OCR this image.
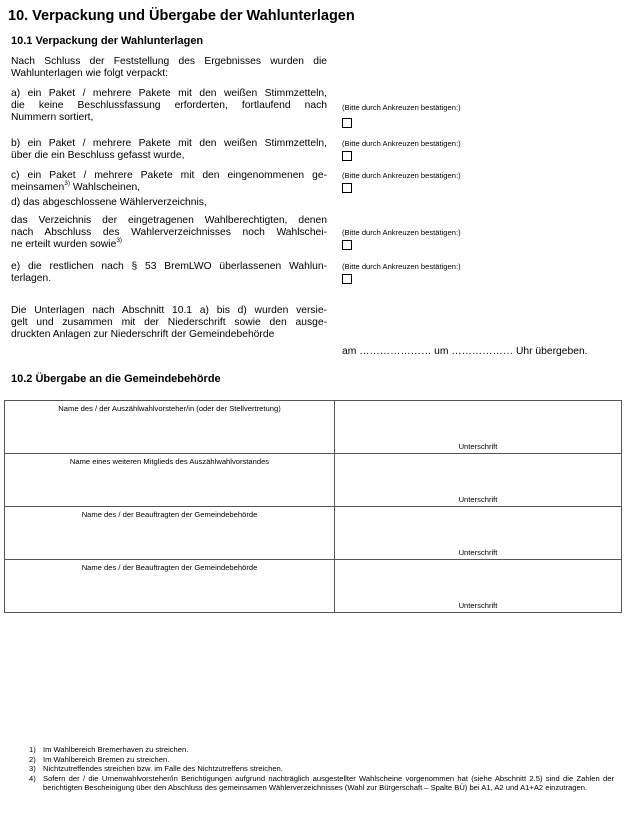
10. Verpackung und Übergabe der Wahlunterlagen
10.1 Verpackung der Wahlunterlagen
Nach Schluss der Feststellung des Ergebnisses wurden die
Wahlunterlagen wie folgt verpackt:
a) ein Paket / mehrere Pakete mit den weißen Stimmzetteln,
die keine Beschlussfassung erforderten, fortlaufend nach
Nummern sortiert,
(Bitte durch Ankreuzen bestätigen:)
b) ein Paket / mehrere Pakete mit den weißen Stimmzetteln,
über die ein Beschluss gefasst wurde,
(Bitte durch Ankreuzen bestätigen:)
c) ein Paket / mehrere Pakete mit den eingenommenen ge-
meinsamen$^{3)}$ Wahlscheinen,
(Bitte durch Ankreuzen bestätigen:)
d) das abgeschlossene Wählerverzeichnis,
das Verzeichnis der eingetragenen Wahlberechtigten, denen
nach Abschluss des Wahlerverzeichnisses noch Wahlschei-
ne erteilt wurden sowie$^{3)}$
(Bitte durch Ankreuzen bestätigen:)
e) die restlichen nach § 53 BremLWO überlassenen Wahlun-
terlagen.
(Bitte durch Ankreuzen bestätigen:)
Die Unterlagen nach Abschnitt 10.1 a) bis d) wurden versie-
gelt und zusammen mit der Niederschrift sowie den ausge-
druckten Anlagen zur Niederschrift der Gemeindebehörde
am ………………… um ……………… Uhr übergeben.
10.2 Übergabe an die Gemeindebehörde
Name des / der Auszählwahlvorsteher/in (oder der Stellvertretung)	Unterschrift

Name eines weiteren Mitglieds des Auszählwahlvorstandes	Unterschrift

Name des / der Beauftragten der Gemeindebehörde	Unterschrift

Name des / der Beauftragten der Gemeindebehörde	Unterschrift
1) Im Wahlbereich Bremerhaven zu streichen.
2) Im Wahlbereich Bremen zu streichen.
3) Nichtzutreffendes streichen bzw. im Falle des Nichtzutreffens streichen.
4) Sofern der / die Urnenwahlvorsteher/in Berichtigungen aufgrund nachträglich ausgestellter Wahlscheine vorgenommen hat (siehe Abschnitt 2.5) sind die Zahlen der berichtigten Bescheinigung über den Abschluss des gemeinsamen Wählerverzeichnisses (Wahl zur Bürgerschaft – Spalte BÜ) bei A1, A2 und A1+A2 einzutragen.
